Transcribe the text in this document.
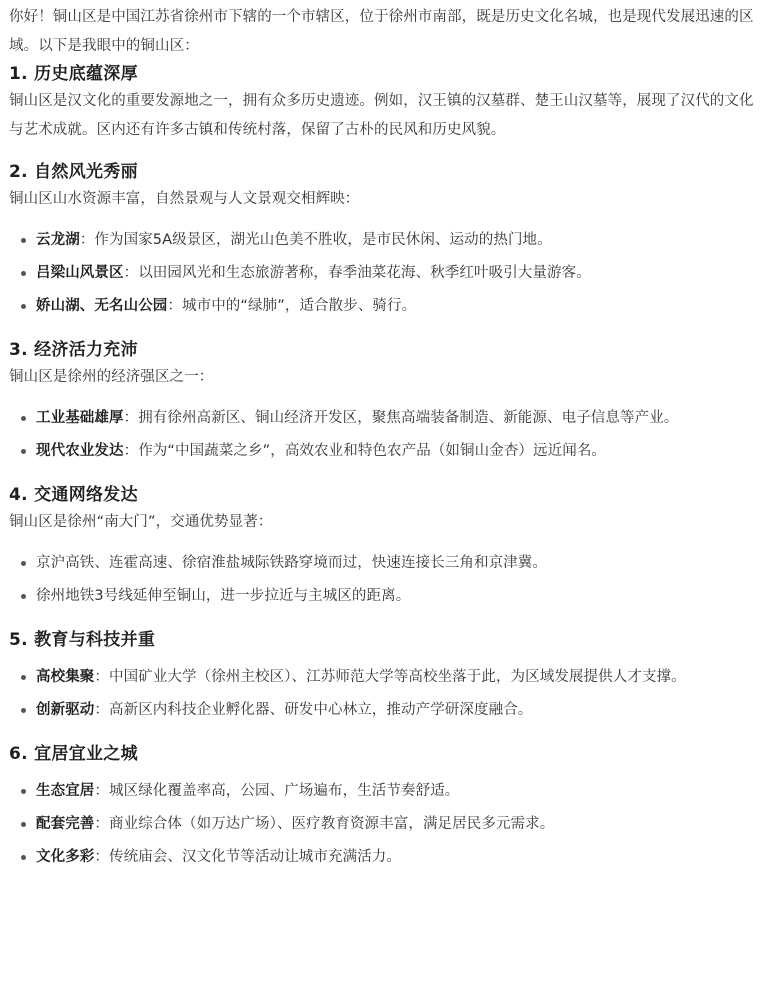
你好！铜山区是中国江苏省徐州市下辖的一个市辖区，位于徐州市南部，既是历史文化名城，也是现代发展迅速的区域。以下是我眼中的铜山区：

1. 历史底蕴深厚

铜山区是汉文化的重要发源地之一，拥有众多历史遗迹。例如，汉王镇的汉墓群、楚王山汉墓等，展现了汉代的文化与艺术成就。区内还有许多古镇和传统村落，保留了古朴的民风和历史风貌。

2. 自然风光秀丽

铜山区山水资源丰富，自然景观与人文景观交相辉映：

云龙湖：作为国家5A级景区，湖光山色美不胜收，是市民休闲、运动的热门地。
吕梁山风景区：以田园风光和生态旅游著称，春季油菜花海、秋季红叶吸引大量游客。
娇山湖、无名山公园：城市中的“绿肺”，适合散步、骑行。
3. 经济活力充沛

铜山区是徐州的经济强区之一：

工业基础雄厚：拥有徐州高新区、铜山经济开发区，聚焦高端装备制造、新能源、电子信息等产业。
现代农业发达：作为“中国蔬菜之乡”，高效农业和特色农产品（如铜山金杏）远近闻名。
4. 交通网络发达

铜山区是徐州“南大门”，交通优势显著：

京沪高铁、连霍高速、徐宿淮盐城际铁路穿境而过，快速连接长三角和京津冀。
徐州地铁3号线延伸至铜山，进一步拉近与主城区的距离。
5. 教育与科技并重
高校集聚：中国矿业大学（徐州主校区）、江苏师范大学等高校坐落于此，为区域发展提供人才支撑。
创新驱动：高新区内科技企业孵化器、研发中心林立，推动产学研深度融合。
6. 宜居宜业之城
生态宜居：城区绿化覆盖率高，公园、广场遍布，生活节奏舒适。
配套完善：商业综合体（如万达广场）、医疗教育资源丰富，满足居民多元需求。
文化多彩：传统庙会、汉文化节等活动让城市充满活力。
